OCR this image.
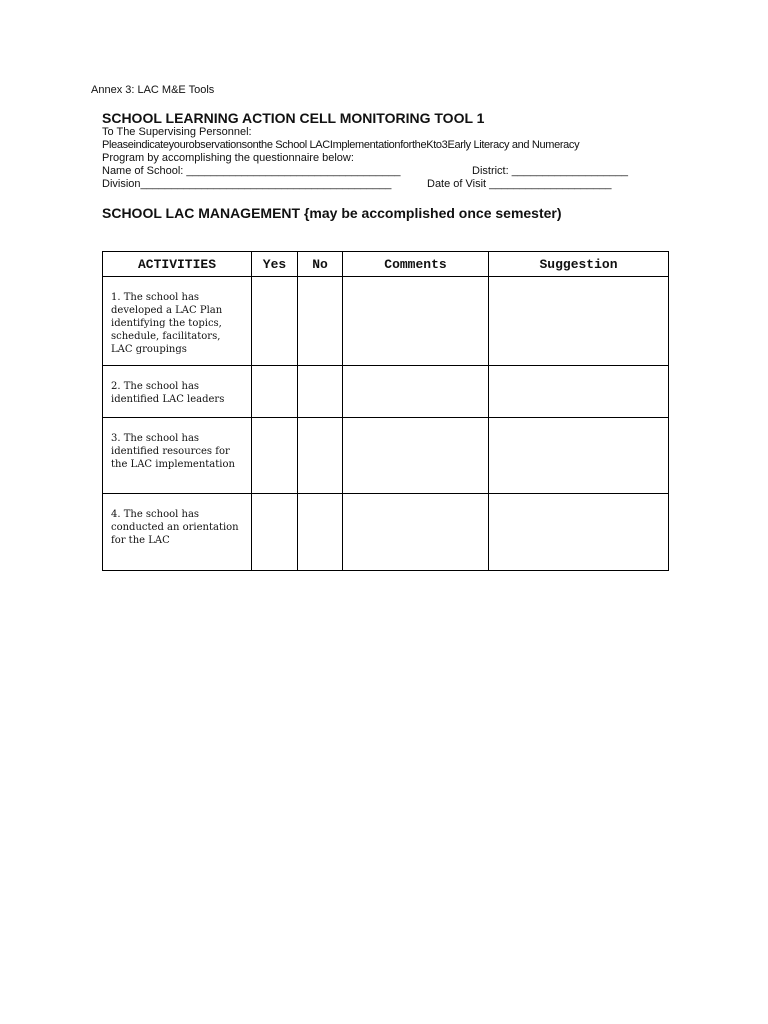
Annex 3: LAC M&E Tools
SCHOOL LEARNING ACTION CELL MONITORING TOOL 1
To The Supervising Personnel:
Pleaseindicateyourobservationsonthe School LACImplementationfortheKto3Early Literacy and Numeracy
Program by accomplishing the questionnaire below:
Name of School: ___________________________________	District: ___________________
Division_________________________________________	Date of Visit ____________________
SCHOOL LAC MANAGEMENT {may be accomplished once semester)
ACTIVITIES	Yes	No	Comments	Suggestion
1. The school has developed a LAC Plan identifying the topics, schedule, facilitators, LAC groupings				
2. The school has identified LAC leaders				
3. The school has identified resources for the LAC implementation				
4. The school has conducted an orientation for the LAC				
